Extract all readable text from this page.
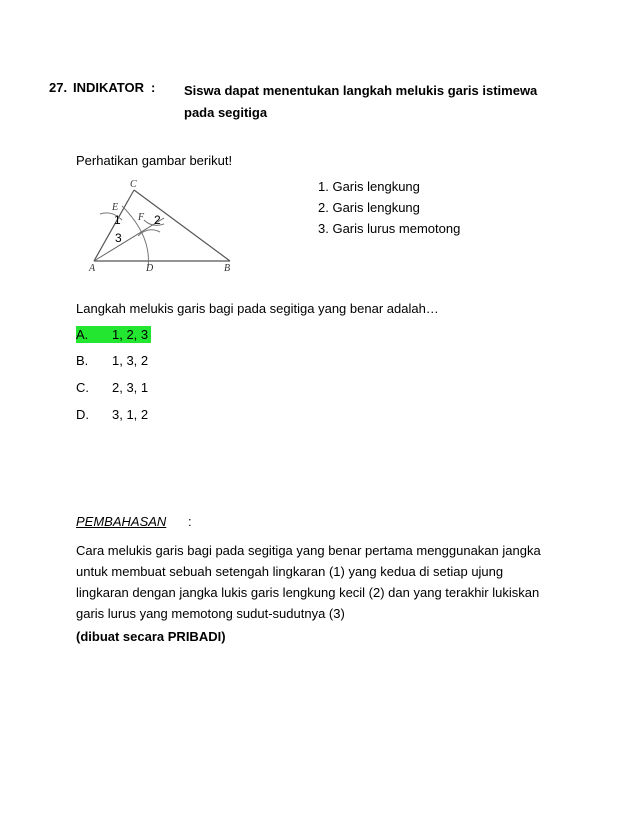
27. INDIKATOR : Siswa dapat menentukan langkah melukis garis istimewa pada segitiga
Perhatikan gambar berikut!
C
E
F
A	D	B
1	2
3
1. Garis lengkung
2. Garis lengkung
3. Garis lurus memotong
Langkah melukis garis bagi pada segitiga yang benar adalah…
A. 1, 2, 3
B. 1, 3, 2
C. 2, 3, 1
D. 3, 1, 2
PEMBAHASAN :
Cara melukis garis bagi pada segitiga yang benar pertama menggunakan jangka untuk membuat sebuah setengah lingkaran (1) yang kedua di setiap ujung lingkaran dengan jangka lukis garis lengkung kecil (2) dan yang terakhir lukiskan garis lurus yang memotong sudut-sudutnya (3)
(dibuat secara PRIBADI)
